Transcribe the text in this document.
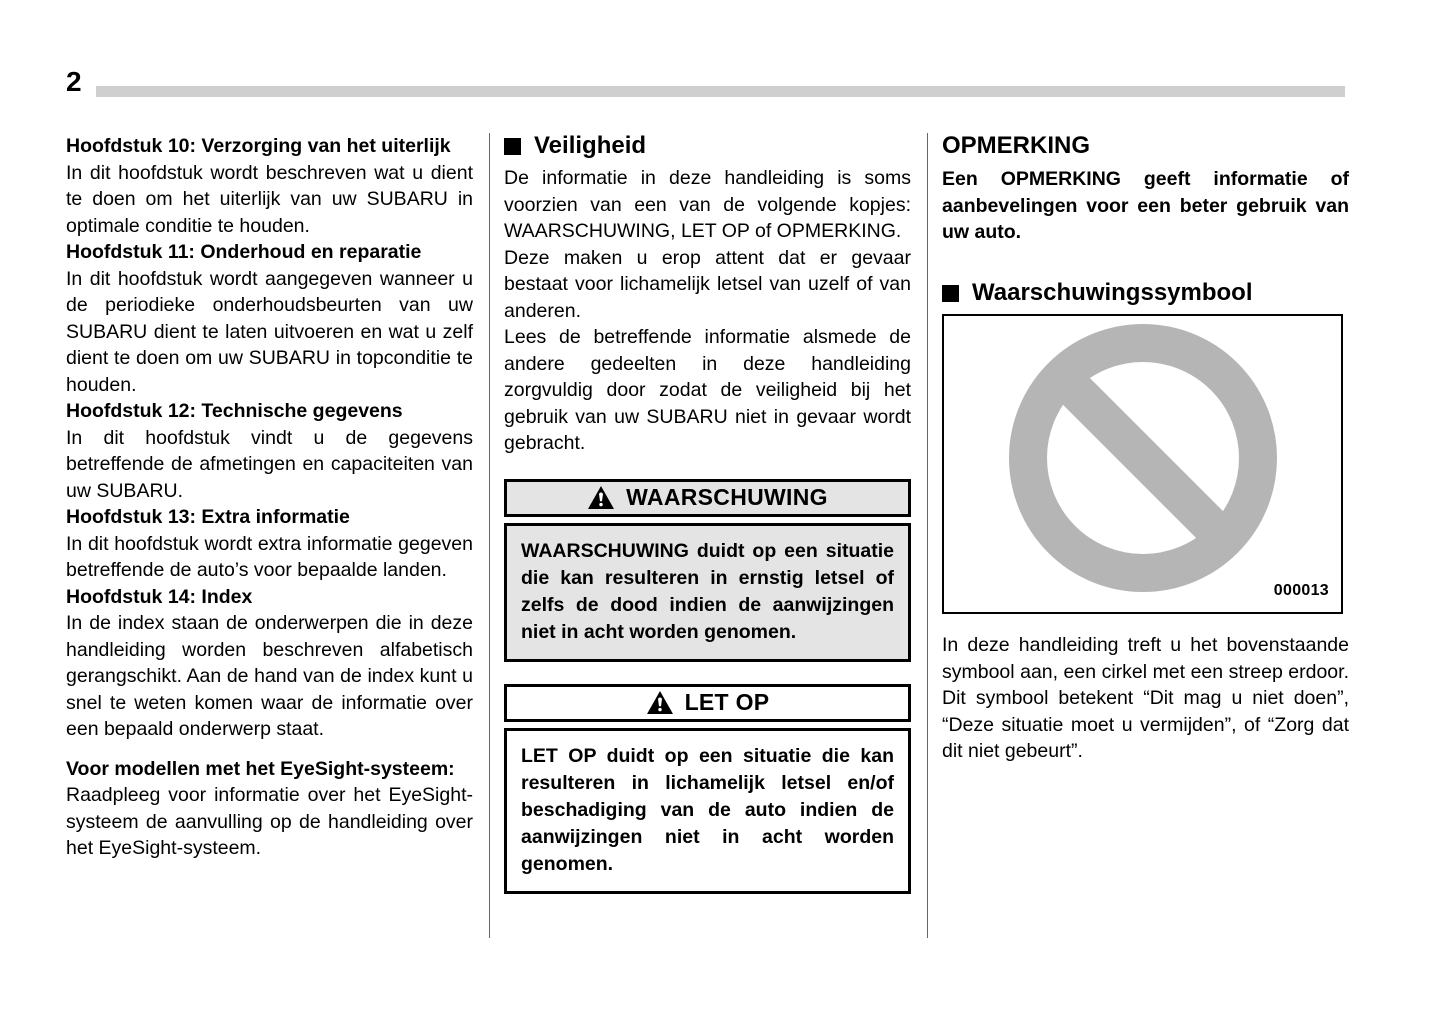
2

Hoofdstuk 10: Verzorging van het uiterlijk

In dit hoofdstuk wordt beschreven wat u dient te doen om het uiterlijk van uw SUBARU in optimale conditie te houden.

Hoofdstuk 11: Onderhoud en reparatie

In dit hoofdstuk wordt aangegeven wanneer u de periodieke onderhoudsbeurten van uw SUBARU dient te laten uitvoeren en wat u zelf dient te doen om uw SUBARU in topconditie te houden.

Hoofdstuk 12: Technische gegevens

In dit hoofdstuk vindt u de gegevens betreffende de afmetingen en capaciteiten van uw SUBARU.

Hoofdstuk 13: Extra informatie

In dit hoofdstuk wordt extra informatie gegeven betreffende de auto’s voor bepaalde landen.

Hoofdstuk 14: Index

In de index staan de onderwerpen die in deze handleiding worden beschreven alfabetisch gerangschikt. Aan de hand van de index kunt u snel te weten komen waar de informatie over een bepaald onderwerp staat.

Voor modellen met het EyeSight-systeem:

Raadpleeg voor informatie over het EyeSight-systeem de aanvulling op de handleiding over het EyeSight-systeem.

Veiligheid

De informatie in deze handleiding is soms voorzien van een van de volgende kopjes: WAARSCHUWING, LET OP of OPMERKING.

Deze maken u erop attent dat er gevaar bestaat voor lichamelijk letsel van uzelf of van anderen.

Lees de betreffende informatie alsmede de andere gedeelten in deze handleiding zorgvuldig door zodat de veiligheid bij het gebruik van uw SUBARU niet in gevaar wordt gebracht.

WAARSCHUWING

WAARSCHUWING duidt op een situatie die kan resulteren in ernstig letsel of zelfs de dood indien de aanwijzingen niet in acht worden genomen.

LET OP

LET OP duidt op een situatie die kan resulteren in lichamelijk letsel en/of beschadiging van de auto indien de aanwijzingen niet in acht worden genomen.

OPMERKING

Een OPMERKING geeft informatie of aanbevelingen voor een beter gebruik van uw auto.

Waarschuwingssymbool
000013

In deze handleiding treft u het bovenstaande symbool aan, een cirkel met een streep erdoor. Dit symbool betekent “Dit mag u niet doen”, “Deze situatie moet u vermijden”, of “Zorg dat dit niet gebeurt”.
